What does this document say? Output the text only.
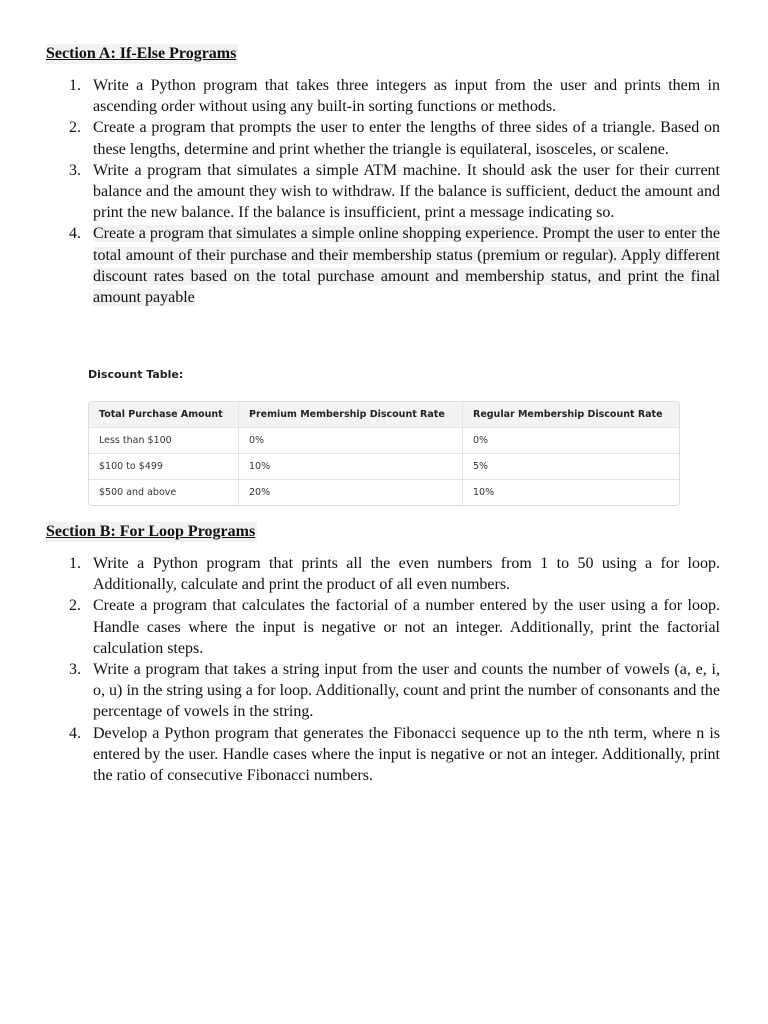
Section A: If-Else Programs
1. Write a Python program that takes three integers as input from the user and prints them in ascending order without using any built-in sorting functions or methods.
2. Create a program that prompts the user to enter the lengths of three sides of a triangle. Based on these lengths, determine and print whether the triangle is equilateral, isosceles, or scalene.
3. Write a program that simulates a simple ATM machine. It should ask the user for their current balance and the amount they wish to withdraw. If the balance is sufficient, deduct the amount and print the new balance. If the balance is insufficient, print a message indicating so.
4. Create a program that simulates a simple online shopping experience. Prompt the user to enter the total amount of their purchase and their membership status (premium or regular). Apply different discount rates based on the total purchase amount and membership status, and print the final amount payable

Discount Table:

Total Purchase Amount	Premium Membership Discount Rate	Regular Membership Discount Rate
Less than $100	0%	0%
$100 to $499	10%	5%
$500 and above	20%	10%
Section B: For Loop Programs
1. Write a Python program that prints all the even numbers from 1 to 50 using a for loop. Additionally, calculate and print the product of all even numbers.
2. Create a program that calculates the factorial of a number entered by the user using a for loop. Handle cases where the input is negative or not an integer. Additionally, print the factorial calculation steps.
3. Write a program that takes a string input from the user and counts the number of vowels (a, e, i, o, u) in the string using a for loop. Additionally, count and print the number of consonants and the percentage of vowels in the string.
4. Develop a Python program that generates the Fibonacci sequence up to the nth term, where n is entered by the user. Handle cases where the input is negative or not an integer. Additionally, print the ratio of consecutive Fibonacci numbers.
